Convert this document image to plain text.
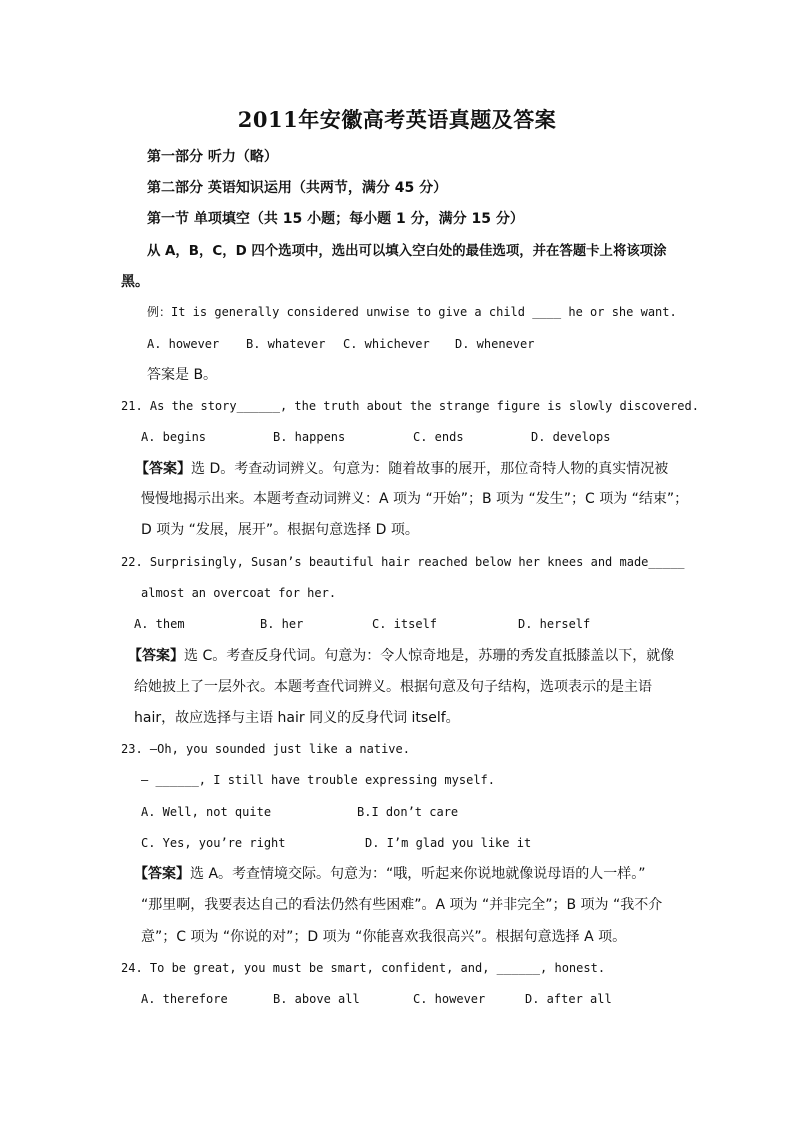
2011年安徽高考英语真题及答案
第一部分 听力（略）
第二部分 英语知识运用（共两节，满分 45 分）
第一节 单项填空（共 15 小题；每小题 1 分，满分 15 分）
从 A，B，C，D 四个选项中，选出可以填入空白处的最佳选项，并在答题卡上将该项涂
黑。
例：It is generally considered unwise to give a child ____ he or she want.
A. however B. whatever C. whichever D. whenever
答案是 B。
21. As the story______, the truth about the strange figure is slowly discovered.
A. begins	B. happens	C. ends	D. develops
【答案】选 D。考查动词辨义。句意为：随着故事的展开，那位奇特人物的真实情况被
慢慢地揭示出来。本题考查动词辨义：A 项为 “开始”；B 项为 “发生”；C 项为 “结束”；
D 项为 “发展，展开”。根据句意选择 D 项。
22. Surprisingly, Susan’s beautiful hair reached below her knees and made_____
almost an overcoat for her.
A. them	B. her	C. itself	D. herself
【答案】选 C。考查反身代词。句意为：令人惊奇地是，苏珊的秀发直抵膝盖以下，就像
给她披上了一层外衣。本题考查代词辨义。根据句意及句子结构，选项表示的是主语
hair，故应选择与主语 hair 同义的反身代词 itself。
23. —Oh, you sounded just like a native.
— ______, I still have trouble expressing myself.
A. Well, not quite	B.I don’t care
C. Yes, you’re right	D. I’m glad you like it
【答案】选 A。考查情境交际。句意为：“哦，听起来你说地就像说母语的人一样。”
“那里啊，我要表达自己的看法仍然有些困难”。A 项为 “并非完全”；B 项为 “我不介
意”；C 项为 “你说的对”；D 项为 “你能喜欢我很高兴”。根据句意选择 A 项。
24. To be great, you must be smart, confident, and, ______, honest.
A. therefore	B. above all	C. however	D. after all
